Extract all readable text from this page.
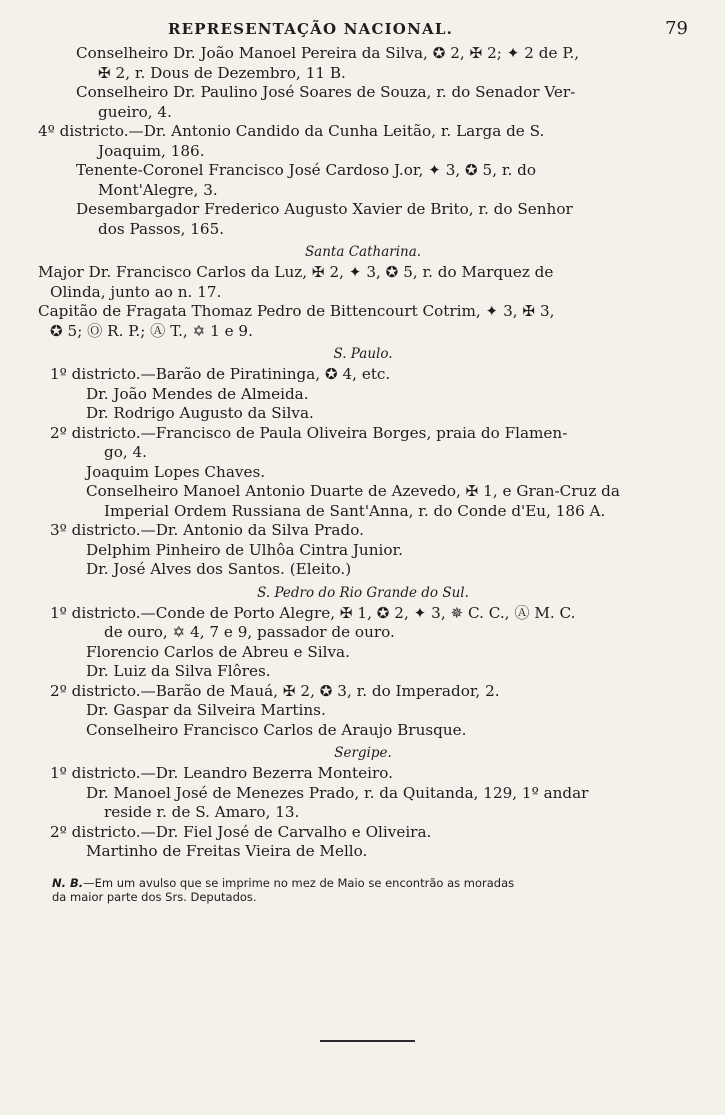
REPRESENTAÇÃO NACIONAL.	79
Conselheiro Dr. João Manoel Pereira da Silva, ✪ 2, ✠ 2; ✦ 2 de P.,
✠ 2, r. Dous de Dezembro, 11 B.
Conselheiro Dr. Paulino José Soares de Souza, r. do Senador Ver-
gueiro, 4.
4º districto.—Dr. Antonio Candido da Cunha Leitão, r. Larga de S.
Joaquim, 186.
Tenente-Coronel Francisco José Cardoso J.or, ✦ 3, ✪ 5, r. do
Mont'Alegre, 3.
Desembargador Frederico Augusto Xavier de Brito, r. do Senhor
dos Passos, 165.
Santa Catharina.
Major Dr. Francisco Carlos da Luz, ✠ 2, ✦ 3, ✪ 5, r. do Marquez de
Olinda, junto ao n. 17.
Capitão de Fragata Thomaz Pedro de Bittencourt Cotrim, ✦ 3, ✠ 3,
✪ 5; Ⓞ R. P.; Ⓐ T., ✡ 1 e 9.
S. Paulo.
1º districto.—Barão de Piratininga, ✪ 4, etc.
Dr. João Mendes de Almeida.
Dr. Rodrigo Augusto da Silva.
2º districto.—Francisco de Paula Oliveira Borges, praia do Flamen-
go, 4.
Joaquim Lopes Chaves.
Conselheiro Manoel Antonio Duarte de Azevedo, ✠ 1, e Gran-Cruz da
Imperial Ordem Russiana de Sant'Anna, r. do Conde d'Eu, 186 A.
3º districto.—Dr. Antonio da Silva Prado.
Delphim Pinheiro de Ulhôa Cintra Junior.
Dr. José Alves dos Santos. (Eleito.)
S. Pedro do Rio Grande do Sul.
1º districto.—Conde de Porto Alegre, ✠ 1, ✪ 2, ✦ 3, ✵ C. C., Ⓐ M. C.
de ouro, ✡ 4, 7 e 9, passador de ouro.
Florencio Carlos de Abreu e Silva.
Dr. Luiz da Silva Flôres.
2º districto.—Barão de Mauá, ✠ 2, ✪ 3, r. do Imperador, 2.
Dr. Gaspar da Silveira Martins.
Conselheiro Francisco Carlos de Araujo Brusque.
Sergipe.
1º districto.—Dr. Leandro Bezerra Monteiro.
Dr. Manoel José de Menezes Prado, r. da Quitanda, 129, 1º andar
reside r. de S. Amaro, 13.
2º districto.—Dr. Fiel José de Carvalho e Oliveira.
Martinho de Freitas Vieira de Mello.
N. B.—Em um avulso que se imprime no mez de Maio se encontrão as moradas
da maior parte dos Srs. Deputados.
